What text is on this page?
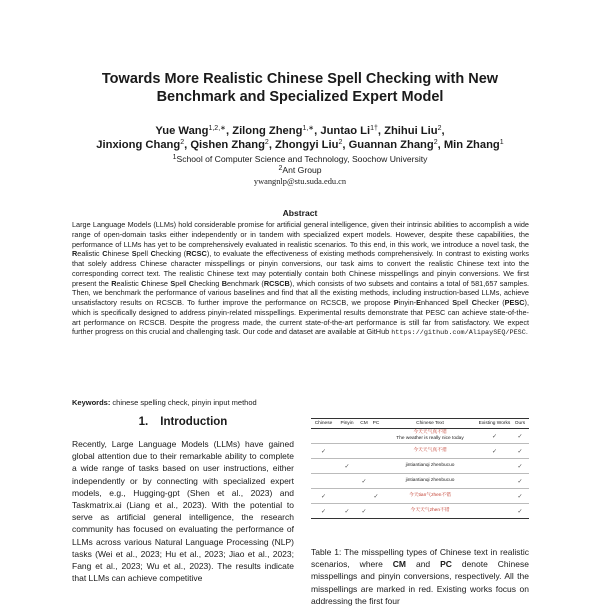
Towards More Realistic Chinese Spell Checking with New
Benchmark and Specialized Expert Model
Yue Wang$^{1,2,∗}$, Zilong Zheng$^{1,∗}$, Juntao $Li^{1\dagger}$, Zhihui Liu$^2$,
Jinxiong Chang$^2$, Qishen Zhang$^2$, Zhongyi Liu$^2$, Guannan Zhang$^2$, Min Zhang$^1$
$^1$School of Computer Science and Technology, Soochow University
$^2$Ant Group
ywangnlp@stu.suda.edu.cn
Abstract
Large Language Models (LLMs) hold considerable promise for artificial general intelligence, given their intrinsic abilities to accomplish a wide range of open-domain tasks either independently or in tandem with specialized expert models. However, despite these capabilities, the performance of LLMs has yet to be comprehensively evaluated in realistic scenarios. To this end, in this work, we introduce a novel task, the Realistic Chinese Spell Checking (RCSC), to evaluate the effectiveness of existing methods comprehensively. In contrast to existing works that solely address Chinese character misspellings or pinyin conversions, our task aims to convert the realistic Chinese text into the corresponding correct text. The realistic Chinese text may potentially contain both Chinese misspellings and pinyin conversions. We first present the Realistic Chinese Spell Checking Benchmark (RCSCB), which consists of two subsets and contains a total of 581,657 samples. Then, we benchmark the performance of various baselines and find that all the existing methods, including instruction-based LLMs, achieve unsatisfactory results on RCSCB. To further improve the performance on RCSCB, we propose Pinyin-Enhanced Spell Checker (PESC), which is specifically designed to address pinyin-related misspellings. Experimental results demonstrate that PESC can achieve state-of-the-art performance on RCSCB. Despite the progress made, the current state-of-the-art performance is still far from satisfactory. We expect further progress on this crucial and challenging task. Our code and dataset are available at GitHub https://github.com/AlipaySEQ/PESC.
Keywords: chinese spelling check, pinyin input method
1. Introduction
Recently, Large Language Models (LLMs) have gained global attention due to their remarkable ability to complete a wide range of tasks based on user instructions, either independently or by connecting with specialized expert models, e.g., Hugging-gpt (Shen et al., 2023) and Taskmatrix.ai (Liang et al., 2023). With the potential to serve as artificial general intelligence, the research community has focused on evaluating the performance of LLMs across various Natural Language Processing (NLP) tasks (Wei et al., 2023; Hu et al., 2023; Jiao et al., 2023; Fang et al., 2023; Wu et al., 2023). The results indicate that LLMs can achieve competitive
Chinese	Pinyin	CM	PC	Chinese Text	Existing Works	Ours

				今天天气真不错
The weather is really nice today	✓	✓
✓				今天天气真不措	✓	✓
	✓			jintiantianqi zhenbucuo		✓
		✓		jintiantianqi zhenbucuo		✓
✓			✓	今天tian气zhen不错		✓
✓	✓	✓		今天天气zhen不错		✓
Table 1: The misspelling types of Chinese text in realistic scenarios, where CM and PC denote Chinese misspellings and pinyin conversions, respectively. All the misspellings are marked in red. Existing works focus on addressing the first four
